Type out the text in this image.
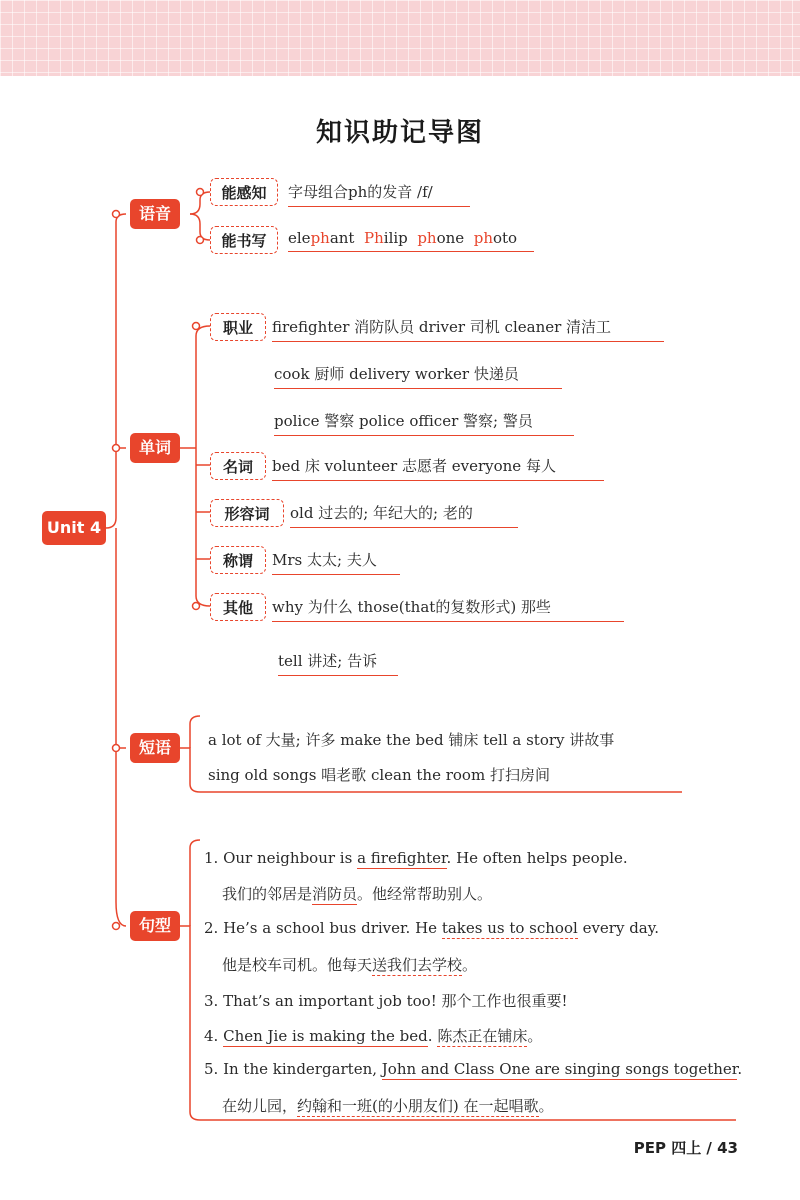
知识助记导图
Unit 4
语音
单词
短语
句型
能感知	字母组合ph的发音 /f/
能书写	elephant Philip phone photo
职业	firefighter 消防队员 driver 司机 cleaner 清洁工
cook 厨师 delivery worker 快递员
police 警察 police officer 警察; 警员
名词	bed 床 volunteer 志愿者 everyone 每人
形容词	old 过去的; 年纪大的; 老的
称谓	Mrs 太太; 夫人
其他	why 为什么 those(that的复数形式) 那些
tell 讲述; 告诉
a lot of 大量; 许多 make the bed 铺床 tell a story 讲故事
sing old songs 唱老歌 clean the room 打扫房间
1. Our neighbour is a firefighter. He often helps people.
我们的邻居是消防员。他经常帮助别人。
2. He’s a school bus driver. He takes us to school every day.
他是校车司机。他每天送我们去学校。
3. That’s an important job too! 那个工作也很重要!
4. Chen Jie is making the bed. 陈杰正在铺床。
5. In the kindergarten, John and Class One are singing songs together.
在幼儿园，约翰和一班(的小朋友们) 在一起唱歌。
PEP 四上 / 43
